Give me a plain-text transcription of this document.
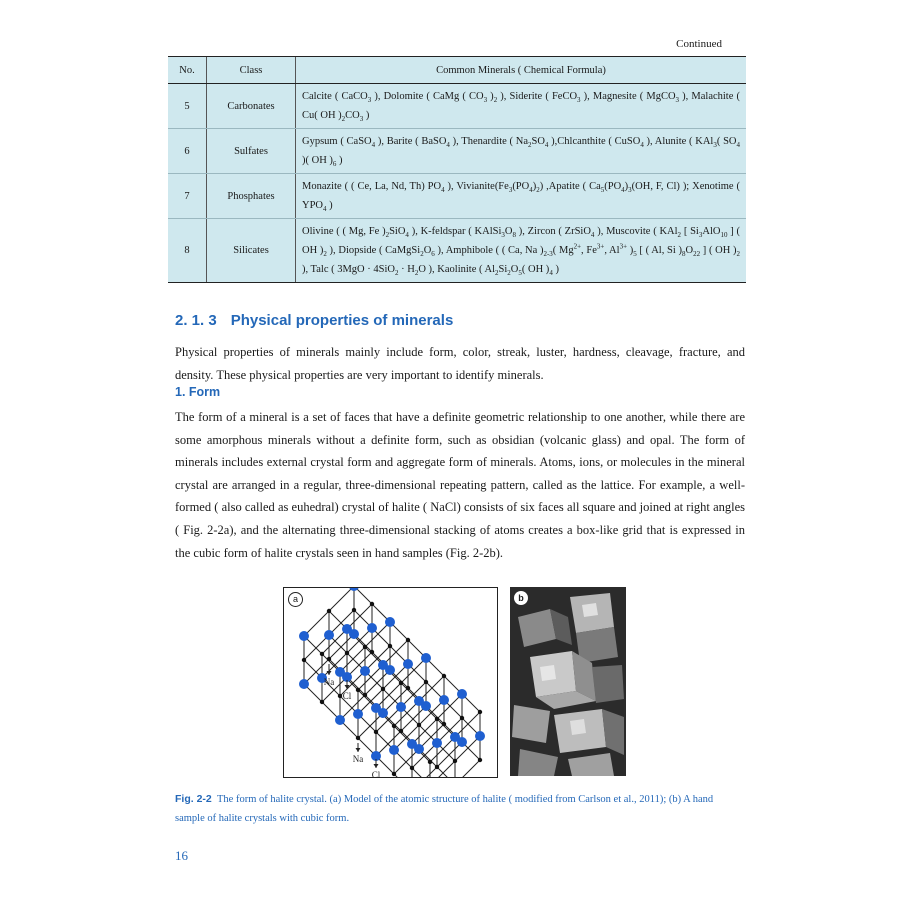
Continued
No.	Class	Common Minerals ( Chemical Formula)
5	Carbonates	Calcite ( CaCO$_3$ ), Dolomite ( CaMg ( $CO_3$ )$_2$ ), Siderite ( FeCO$_3$ ), Magnesite ( MgCO$_3$ ), Malachite ( Cu( OH )$_2CO_3$ )
6	Sulfates	Gypsum ( CaSO$_4$ ), Barite ( BaSO$_4$ ), Thenardite ( $Na_2SO_4$ ),Chlcanthite ( CuSO$_4$ ), Alunite ( KAl$_3$( $SO_4$ )( OH )$_6$ )
7	Phosphates	Monazite ( ( Ce, La, Nd, Th) $PO_4$ ), $Vivianite(Fe_3(PO_4)_2)$ ,Apatite ( $Ca_5(PO_4)_3(OH$, F, Cl) ); Xenotime ( $YPO_4$ )
8	Silicates	Olivine ( ( Mg, Fe )$_2SiO_4$ ), K-feldspar ( $KAlSi_3O_8$ ), Zircon ( ZrSiO$_4$ ), Muscovite ( KAl$_2$ [ $Si_3AlO_{10}$ ] ( OH )$_2$ ), Diopside ( $CaMgSi_2O_6$ ), Amphibole ( ( Ca, Na )$_{2-3}$( $Mg^{2+}$, $Fe^{3+}$, $Al^{3+}$ )$_5$ [ ( Al, Si )$_8O_{22}$ ] ( OH )$_2$ ), Talc ( $3MgO \cdot 4SiO_2 \cdot H_2O$ ), Kaolinite ( $Al_2Si_2O_5$( OH )$_4$ )
2. 1. 3 Physical properties of minerals
Physical properties of minerals mainly include form, color, streak, luster, hardness, cleavage, fracture, and density. These physical properties are very important to identify minerals.
1. Form
The form of a mineral is a set of faces that have a definite geometric relationship to one another, while there are some amorphous minerals without a definite form, such as obsidian (volcanic glass) and opal. The form of minerals includes external crystal form and aggregate form of minerals. Atoms, ions, or molecules in the mineral crystal are arranged in a regular, three-dimensional repeating pattern, called as the lattice. For example, a well-formed ( also called as euhedral) crystal of halite ( NaCl) consists of six faces all square and joined at right angles ( Fig. 2-2a), and the alternating three-dimensional stacking of atoms creates a box-like grid that is expressed in the cubic form of halite crystals seen in hand samples (Fig. 2-2b).
a
Na
Cl
Na
Cl
b
Fig. 2-2 The form of halite crystal. (a) Model of the atomic structure of halite ( modified from Carlson et al., 2011); (b) A hand sample of halite crystals with cubic form.
16
